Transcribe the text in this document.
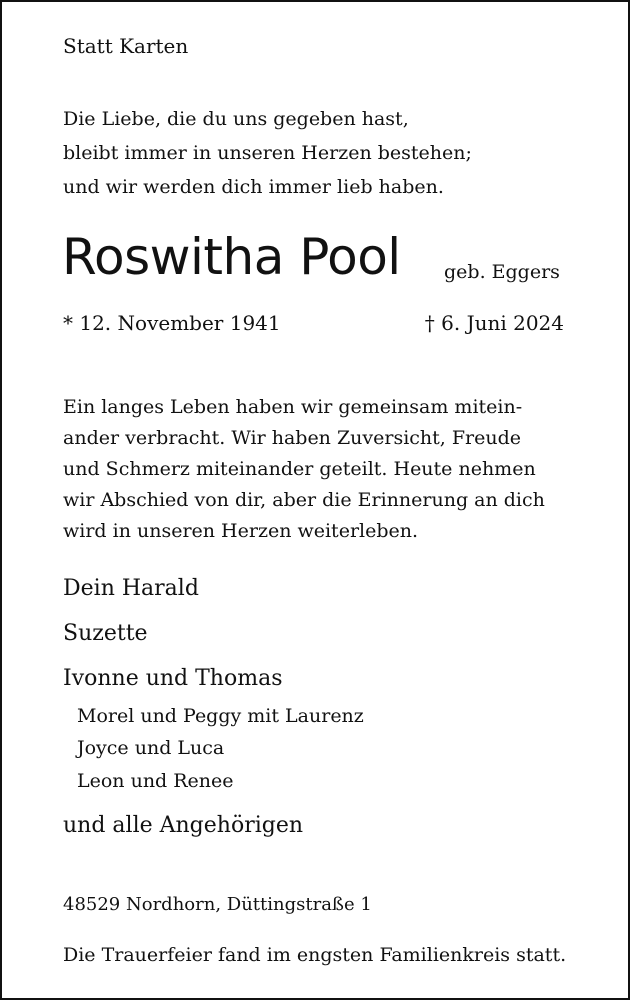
Statt Karten

Die Liebe, die du uns gegeben hast,

bleibt immer in unseren Herzen bestehen;

und wir werden dich immer lieb haben.

Roswitha Pool geb. Eggers

* 12. November 1941	† 6. Juni 2024

Ein langes Leben haben wir gemeinsam mitein-

ander verbracht. Wir haben Zuversicht, Freude

und Schmerz miteinander geteilt. Heute nehmen

wir Abschied von dir, aber die Erinnerung an dich

wird in unseren Herzen weiterleben.

Dein Harald

Suzette

Ivonne und Thomas

Morel und Peggy mit Laurenz

Joyce und Luca

Leon und Renee

und alle Angehörigen

48529 Nordhorn, Düttingstraße 1

Die Trauerfeier fand im engsten Familienkreis statt.
